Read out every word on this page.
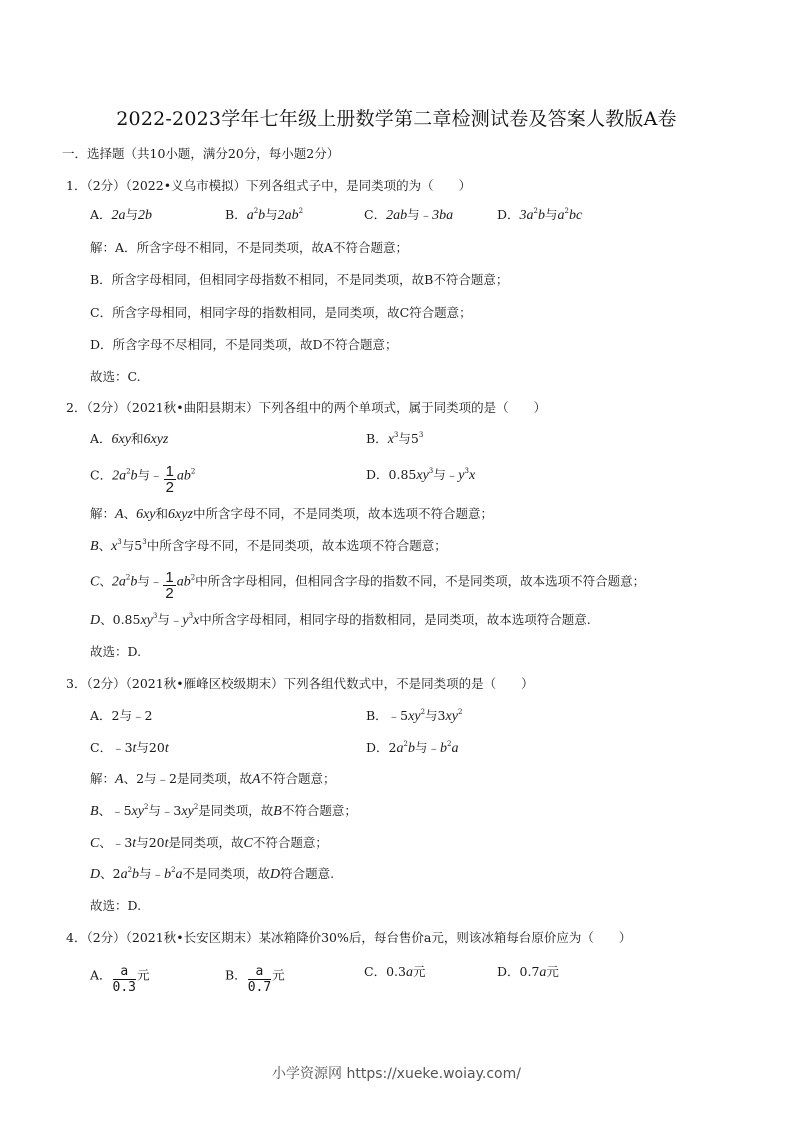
2022-2023学年七年级上册数学第二章检测试卷及答案人教版A卷
一．选择题（共10小题，满分20分，每小题2分）
1．（2分）（2022•义乌市模拟）下列各组式子中，是同类项的为（　　）
A．2a与2b	B．$a^2b$与$2ab^2$	C．2ab与﹣3ba	D．$3a^2b$与$a^2bc$
解：A．所含字母不相同，不是同类项，故A不符合题意；
B．所含字母相同，但相同字母指数不相同，不是同类项，故B不符合题意；
C．所含字母相同，相同字母的指数相同，是同类项，故C符合题意；
D．所含字母不尽相同，不是同类项，故D不符合题意；
故选：C.
2．（2分）（2021秋•曲阳县期末）下列各组中的两个单项式，属于同类项的是（　　）
A．6xy和6xyz	B．$x^3$与$5^3$
C．$2a^2b$与﹣ $\frac{1}{2} ab^2$	D．$0.85xy^3$与$﹣y^3x$
解：A、6xy和6xyz中所含字母不同，不是同类项，故本选项不符合题意；
B、$x^3$与$5^3$中所含字母不同，不是同类项，故本选项不符合题意；
C、$2a^2b$与﹣ $\frac{1}{2} ab^2$中所含字母相同，但相同含字母的指数不同，不是同类项，故本选项不符合题意；
D、$0.85xy^3$与$﹣y^3x$中所含字母相同，相同字母的指数相同，是同类项，故本选项符合题意.
故选：D.
3．（2分）（2021秋•雁峰区校级期末）下列各组代数式中，不是同类项的是（　　）
A．2与﹣2	B．$﹣5xy^2$与$3xy^2$
C．﹣3t与20t	D．$2a^2b$与$﹣b^2a$
解：A、2与﹣2是同类项，故A不符合题意；
B、$﹣5xy^2$与$﹣3xy^2$是同类项，故B不符合题意；
C、﹣3t与20t是同类项，故C不符合题意；
D、$2a^2b$与$﹣b^2a$不是同类项，故D符合题意.
故选：D.
4．（2分）（2021秋•长安区期末）某冰箱降价30%后，每台售价a元，则该冰箱每台原价应为（　　）
A． $\frac{a}{0.3}$ 元	B． $\frac{a}{0.7}$ 元	C．0.3a元	D．0.7a元
小学资源网 https://xueke.woiay.com/
